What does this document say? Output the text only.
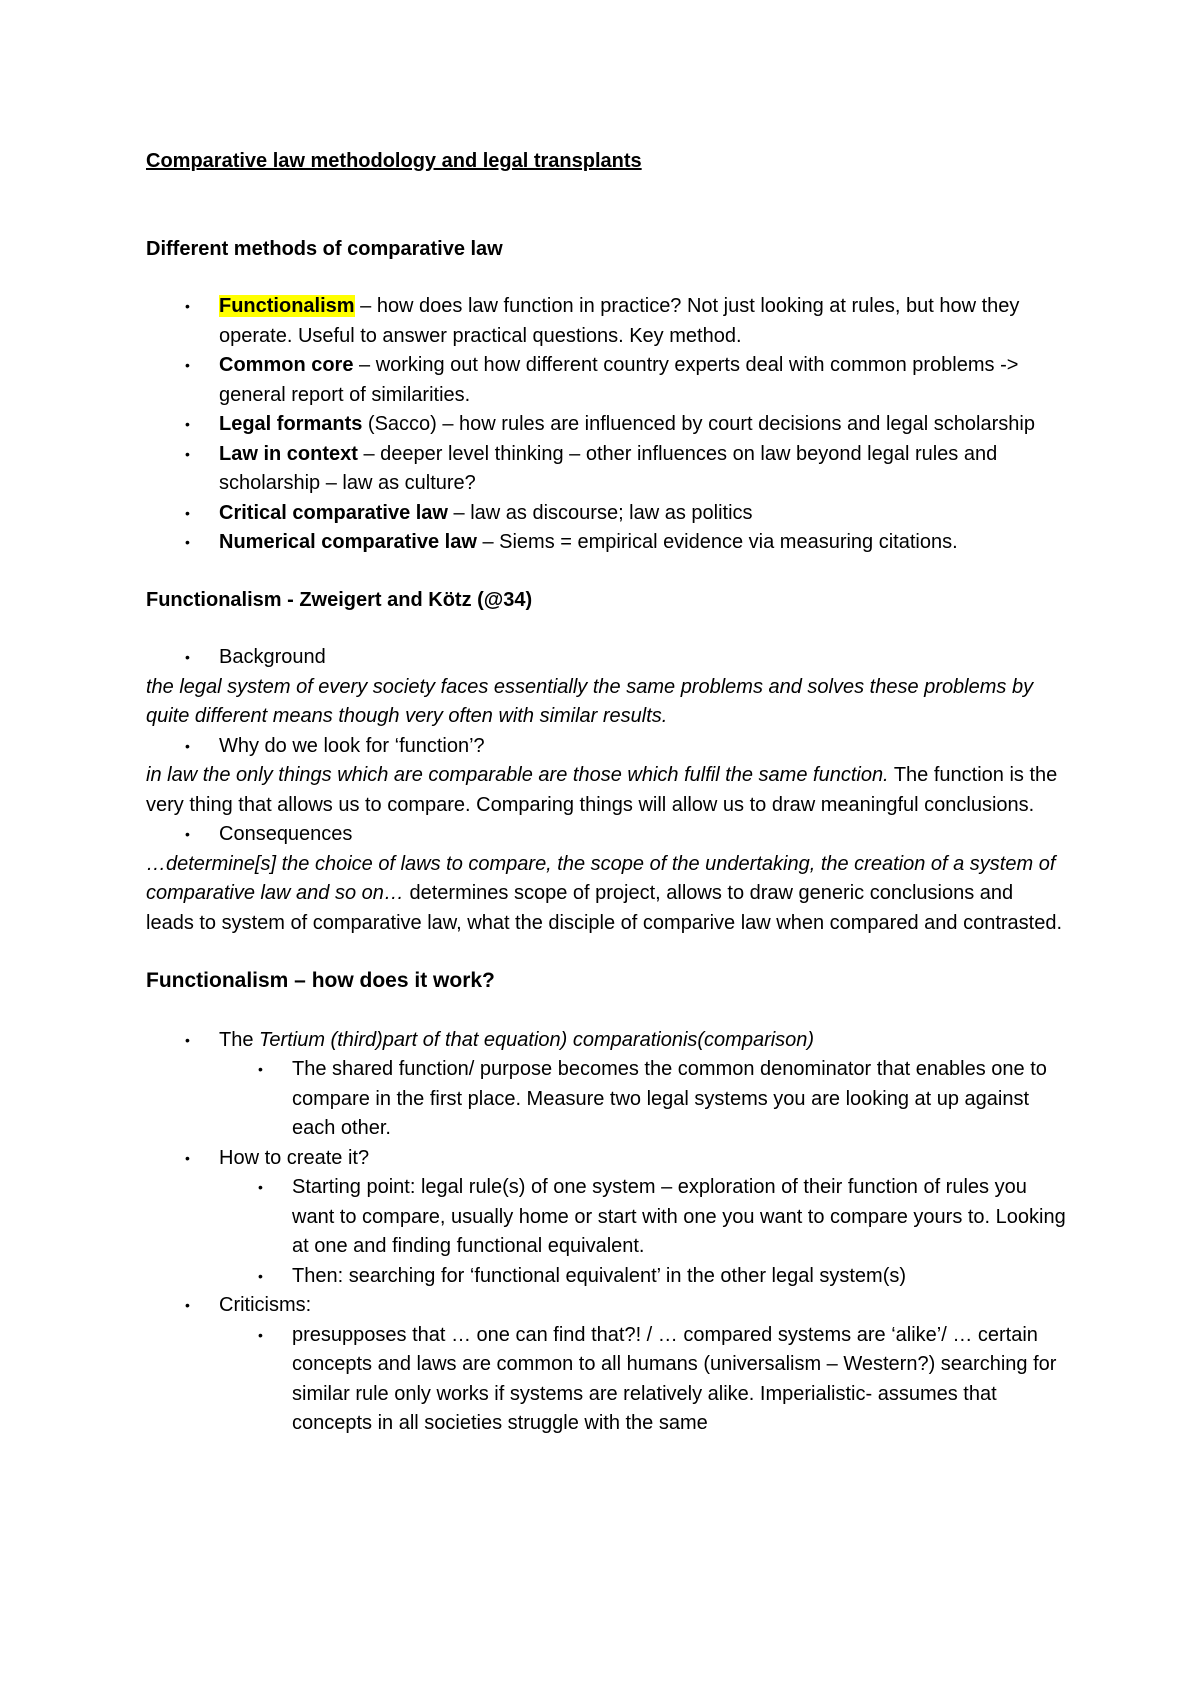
Comparative law methodology and legal transplants

Different methods of comparative law

• Functionalism – how does law function in practice? Not just looking at rules, but how they operate. Useful to answer practical questions. Key method.
• Common core – working out how different country experts deal with common problems -> general report of similarities.
• Legal formants (Sacco) – how rules are influenced by court decisions and legal scholarship
• Law in context – deeper level thinking – other influences on law beyond legal rules and scholarship – law as culture?
• Critical comparative law – law as discourse; law as politics
• Numerical comparative law – Siems = empirical evidence via measuring citations.

Functionalism - Zweigert and Kötz (@34)

• Background

the legal system of every society faces essentially the same problems and solves these problems by quite different means though very often with similar results.

• Why do we look for ‘function’?

in law the only things which are comparable are those which fulfil the same function. The function is the very thing that allows us to compare. Comparing things will allow us to draw meaningful conclusions.

• Consequences

…determine[s] the choice of laws to compare, the scope of the undertaking, the creation of a system of comparative law and so on… determines scope of project, allows to draw generic conclusions and leads to system of comparative law, what the disciple of comparive law when compared and contrasted.

Functionalism – how does it work?

• The Tertium (third)part of that equation) comparationis(comparison)
• The shared function/ purpose becomes the common denominator that enables one to compare in the first place. Measure two legal systems you are looking at up against each other.
• How to create it?
• Starting point: legal rule(s) of one system – exploration of their function of rules you want to compare, usually home or start with one you want to compare yours to. Looking at one and finding functional equivalent.
• Then: searching for ‘functional equivalent’ in the other legal system(s)
• Criticisms:
• presupposes that … one can find that?! / … compared systems are ‘alike’/ … certain concepts and laws are common to all humans (universalism – Western?) searching for similar rule only works if systems are relatively alike. Imperialistic- assumes that concepts in all societies struggle with the same
